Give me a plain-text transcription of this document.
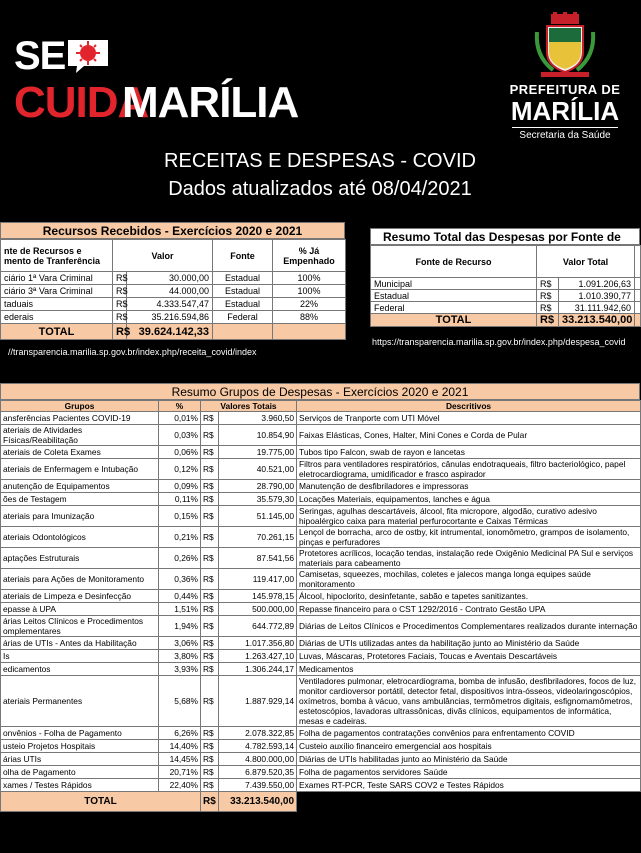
SE
CUIDA
MARÍLIA	PREFEITURA DE
MARÍLIA
Secretaria da Saúde
RECEITAS E DESPESAS - COVID
Dados atualizados até 08/04/2021
Recursos Recebidos - Exercícios 2020 e 2021
nte de Recursos e mento de Tranferência	Valor		Fonte	% Já Empenhado
ciário 1ª Vara Criminal	R$	30.000,00	Estadual	100%
ciário 3ª Vara Criminal	R$	44.000,00	Estadual	100%
taduais	R$	4.333.547,47	Estadual	22%
ederais	R$	35.216.594,86	Federal	88%
TOTAL	R$	39.624.142,33		
//transparencia.marilia.sp.gov.br/index.php/receita_covid/index
Resumo Total das Despesas por Fonte de
Fonte de Recurso	Valor Total		
Municipal	R$	1.091.206,63	
Estadual	R$	1.010.390,77	
Federal	R$	31.111.942,60	
TOTAL	R$	33.213.540,00	
https://transparencia.marilia.sp.gov.br/index.php/despesa_covid
Resumo Grupos de Despesas - Exercícios 2020 e 2021
Grupos	%	Valores Totais		Descritivos
ansferências Pacientes COVID-19	0,01%	R$	3.960,50	Serviços de Tranporte com UTI Móvel
ateriais de Atividades Físicas/Reabilitação	0,03%	R$	10.854,90	Faixas Elásticas, Cones, Halter, Mini Cones e Corda de Pular
ateriais de Coleta Exames	0,06%	R$	19.775,00	Tubos tipo Falcon, swab de rayon e lancetas
ateriais de Enfermagem e Intubação	0,12%	R$	40.521,00	Filtros para ventiladores respiratórios, cânulas endotraqueais, filtro bacteriológico, papel eletrocardiograma, umidificador e frasco aspirador
anutenção de Equipamentos	0,09%	R$	28.790,00	Manutenção de desfibriladores e impressoras
ões de Testagem	0,11%	R$	35.579,30	Locações Materiais, equipamentos, lanches e água
ateriais para Imunização	0,15%	R$	51.145,00	Seringas, agulhas descartáveis, álcool, fita micropore, algodão, curativo adesivo hipoalérgico caixa para material perfurocortante e Caixas Térmicas
ateriais Odontológicos	0,21%	R$	70.261,15	Lençol de borracha, arco de ostby, kit intrumental, ionomômetro, grampos de isolamento, pinças e perfuradores
aptações Estruturais	0,26%	R$	87.541,56	Protetores acrílicos, locação tendas, instalação rede Oxigênio Medicinal PA Sul e serviços materiais para cabeamento
ateriais para Ações de Monitoramento	0,36%	R$	119.417,00	Camisetas, squeezes, mochilas, coletes e jalecos manga longa equipes saúde monitoramento
ateriais de Limpeza e Desinfecção	0,44%	R$	145.978,15	Álcool, hipoclorito, desinfetante, sabão e tapetes sanitizantes.
epasse à UPA	1,51%	R$	500.000,00	Repasse financeiro para o CST 1292/2016 - Contrato Gestão UPA
árias Leitos Clínicos e Procedimentos omplementares	1,94%	R$	644.772,89	Diárias de Leitos Clínicos e Procedimentos Complementares realizados durante internação
árias de UTIs - Antes da Habilitação	3,06%	R$	1.017.356,80	Diárias de UTIs utilizadas antes da habilitação junto ao Ministério da Saúde
Is	3,80%	R$	1.263.427,10	Luvas, Máscaras, Protetores Faciais, Toucas e Aventais Descartáveis
edicamentos	3,93%	R$	1.306.244,17	Medicamentos
ateriais Permanentes	5,68%	R$	1.887.929,14	Ventiladores pulmonar, eletrocardiograma, bomba de infusão, desfibriladores, focos de luz, monitor cardioversor portátil, detector fetal, dispositivos intra-ósseos, videolaringoscópios, oxímetros, bomba à vácuo, vans ambulâncias, termômetros digitais, esfignomamômetros, estetoscópios, lavadoras ultrassônicas, divãs clínicos, equipamentos de informática, mesas e cadeiras.
onvênios - Folha de Pagamento	6,26%	R$	2.078.322,85	Folha de pagamentos contratações convênios para enfrentamento COVID
usteio Projetos Hospitais	14,40%	R$	4.782.593,14	Custeio auxílio financeiro emergencial aos hospitais
árias UTIs	14,45%	R$	4.800.000,00	Diárias de UTIs habilitadas junto ao Ministério da Saúde
olha de Pagamento	20,71%	R$	6.879.520,35	Folha de pagamentos servidores Saúde
xames / Testes Rápidos	22,40%	R$	7.439.550,00	Exames RT-PCR, Teste SARS COV2 e Testes Rápidos
TOTAL		R$	33.213.540,00	
